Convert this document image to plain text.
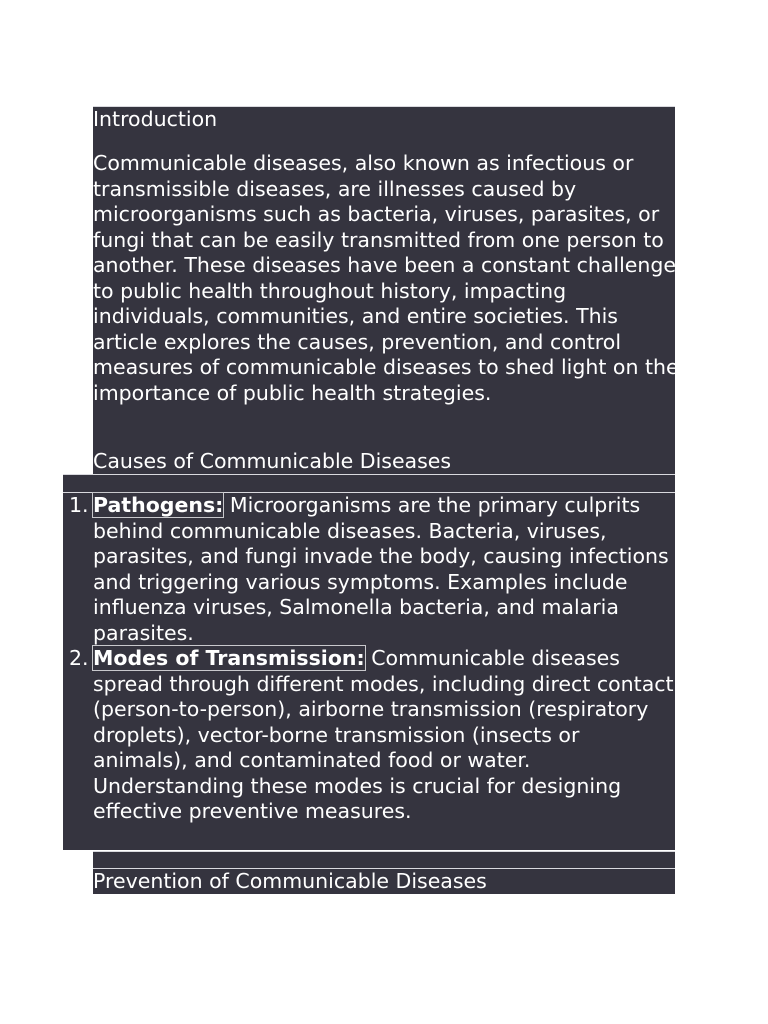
Introduction

Communicable diseases, also known as infectious or transmissible diseases, are illnesses caused by microorganisms such as bacteria, viruses, parasites, or fungi that can be easily transmitted from one person to another. These diseases have been a constant challenge to public health throughout history, impacting individuals, communities, and entire societies. This article explores the causes, prevention, and control measures of communicable diseases to shed light on the importance of public health strategies.

Causes of Communicable Diseases
1. Pathogens: Microorganisms are the primary culprits behind communicable diseases. Bacteria, viruses, parasites, and fungi invade the body, causing infections and triggering various symptoms. Examples include influenza viruses, Salmonella bacteria, and malaria parasites.
2. Modes of Transmission: Communicable diseases spread through different modes, including direct contact (person-to-person), airborne transmission (respiratory droplets), vector-borne transmission (insects or animals), and contaminated food or water. Understanding these modes is crucial for designing effective preventive measures.
Prevention of Communicable Diseases
